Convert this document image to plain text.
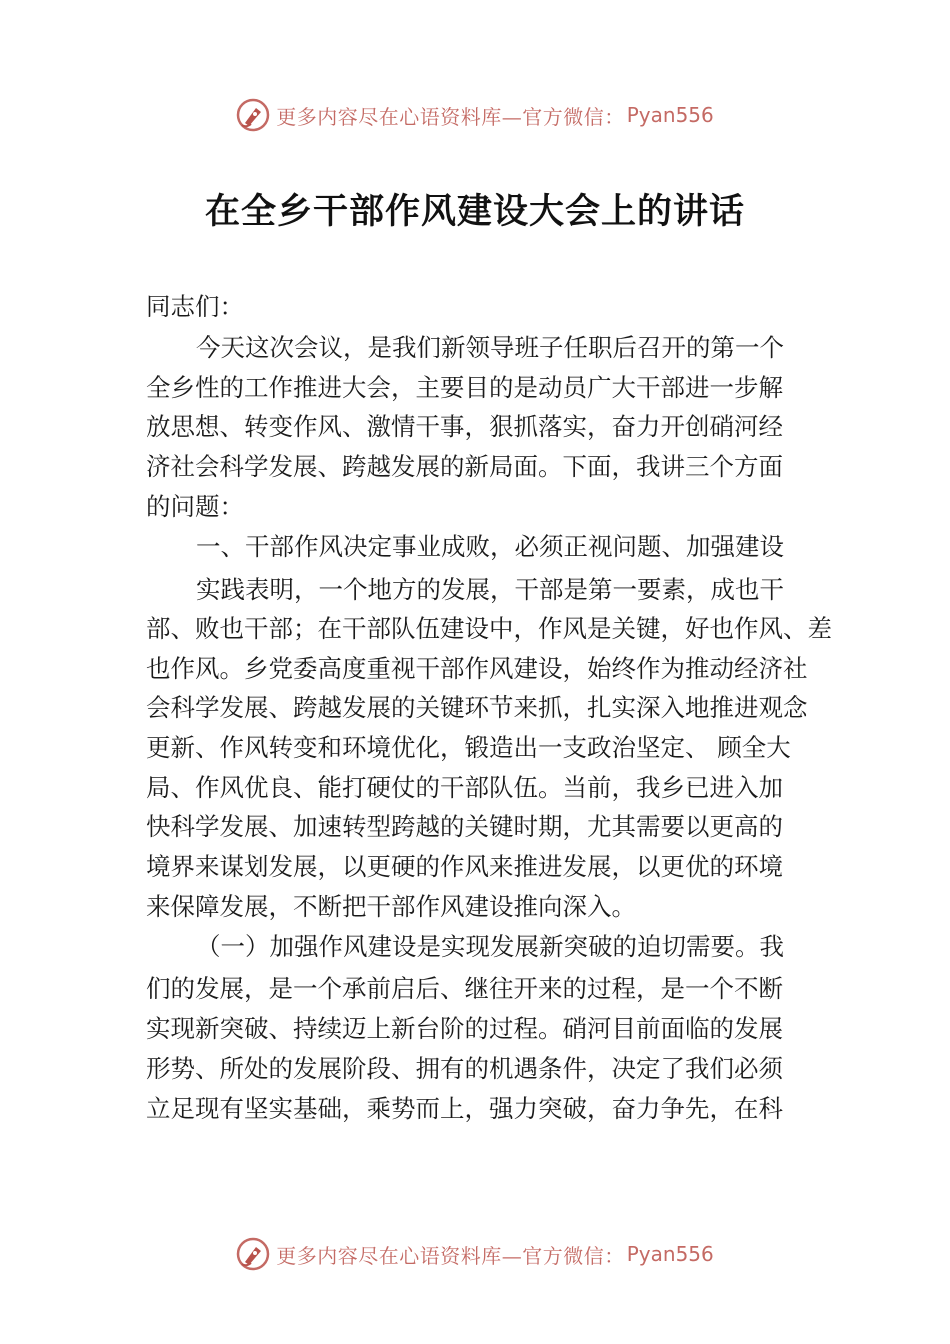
更多内容尽在心语资料库—官方微信： Pyan556
在全乡干部作风建设大会上的讲话

同志们：

今天这次会议，是我们新领导班子任职后召开的第一个

全乡性的工作推进大会，主要目的是动员广大干部进一步解

放思想、转变作风、激情干事，狠抓落实，奋力开创硝河经

济社会科学发展、跨越发展的新局面。下面，我讲三个方面

的问题：

一、干部作风决定事业成败，必须正视问题、加强建设

实践表明，一个地方的发展，干部是第一要素，成也干

部、败也干部；在干部队伍建设中，作风是关键，好也作风、差

也作风。乡党委高度重视干部作风建设，始终作为推动经济社

会科学发展、跨越发展的关键环节来抓，扎实深入地推进观念

更新、作风转变和环境优化，锻造出一支政治坚定、 顾全大

局、作风优良、能打硬仗的干部队伍。当前，我乡已进入加

快科学发展、加速转型跨越的关键时期，尤其需要以更高的

境界来谋划发展，以更硬的作风来推进发展，以更优的环境

来保障发展，不断把干部作风建设推向深入。

（一）加强作风建设是实现发展新突破的迫切需要。我

们的发展，是一个承前启后、继往开来的过程，是一个不断

实现新突破、持续迈上新台阶的过程。硝河目前面临的发展

形势、所处的发展阶段、拥有的机遇条件，决定了我们必须

立足现有坚实基础，乘势而上，强力突破，奋力争先，在科

更多内容尽在心语资料库—官方微信： Pyan556
